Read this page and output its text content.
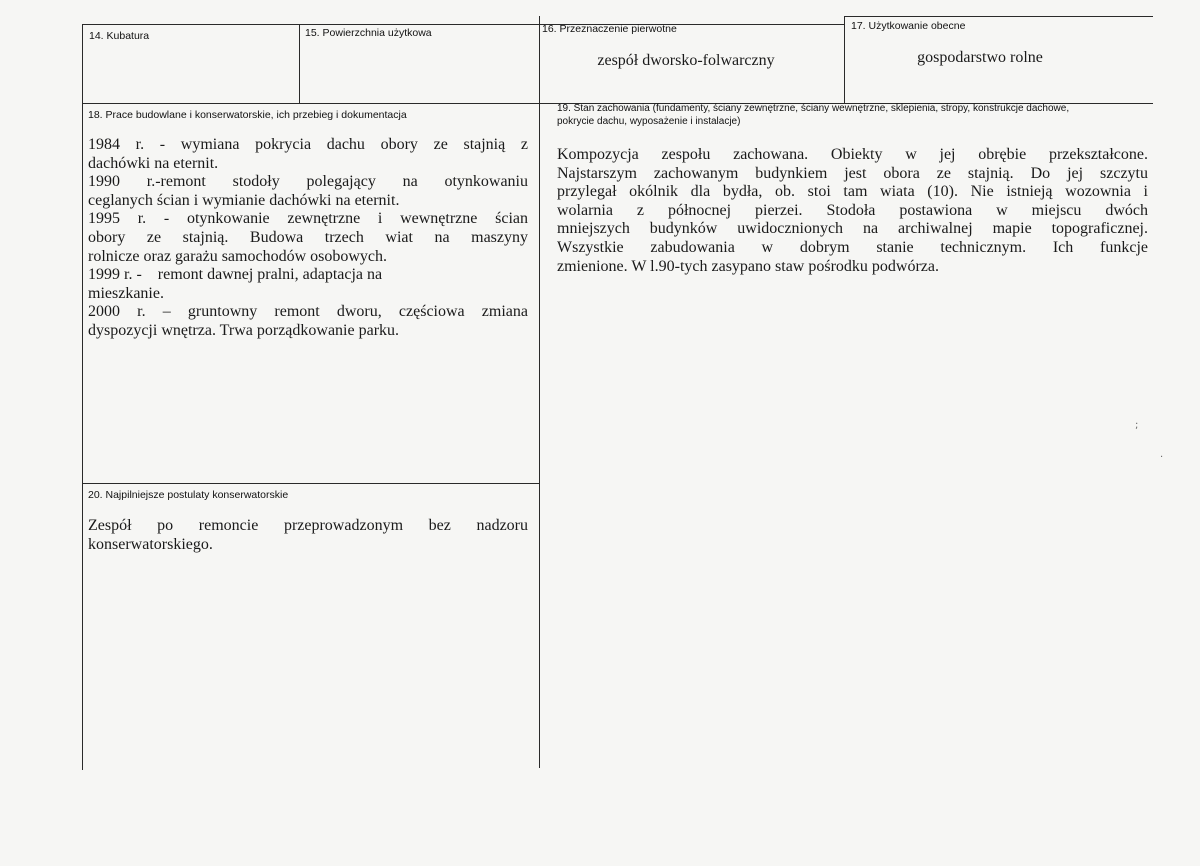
14. Kubatura	15. Powierzchnia użytkowa	16. Przeznaczenie pierwotne
zespół dworsko-folwarczny
17. Użytkowanie obecne
gospodarstwo rolne
18. Prace budowlane i konserwatorskie, ich przebieg i dokumentacja
1984 r. - wymiana pokrycia dachu obory ze stajnią z
dachówki na eternit.
1990 r.-remont stodoły polegający na otynkowaniu
ceglanych ścian i wymianie dachówki na eternit.
1995 r. - otynkowanie zewnętrzne i wewnętrzne ścian
obory ze stajnią. Budowa trzech wiat na maszyny
rolnicze oraz garażu samochodów osobowych.
1999 r. -    remont dawnej pralni, adaptacja na
mieszkanie.
2000 r. – gruntowny remont dworu, częściowa zmiana
dyspozycji wnętrza. Trwa porządkowanie parku.
19. Stan zachowania (fundamenty, ściany zewnętrzne, ściany wewnętrzne, sklepienia, stropy, konstrukcje dachowe,
pokrycie dachu, wyposażenie i instalacje)
Kompozycja zespołu zachowana. Obiekty w jej obrębie przekształcone.
Najstarszym zachowanym budynkiem jest obora ze stajnią. Do jej szczytu
przylegał okólnik dla bydła, ob. stoi tam wiata (10). Nie istnieją wozownia i
wolarnia z północnej pierzei. Stodoła postawiona w miejscu dwóch
mniejszych budynków uwidocznionych na archiwalnej mapie topograficznej.
Wszystkie zabudowania w dobrym stanie technicznym. Ich funkcje
zmienione. W l.90-tych zasypano staw pośrodku podwórza.
20. Najpilniejsze postulaty konserwatorskie
Zespół po remoncie przeprowadzonym bez nadzoru
konserwatorskiego.
;
·
